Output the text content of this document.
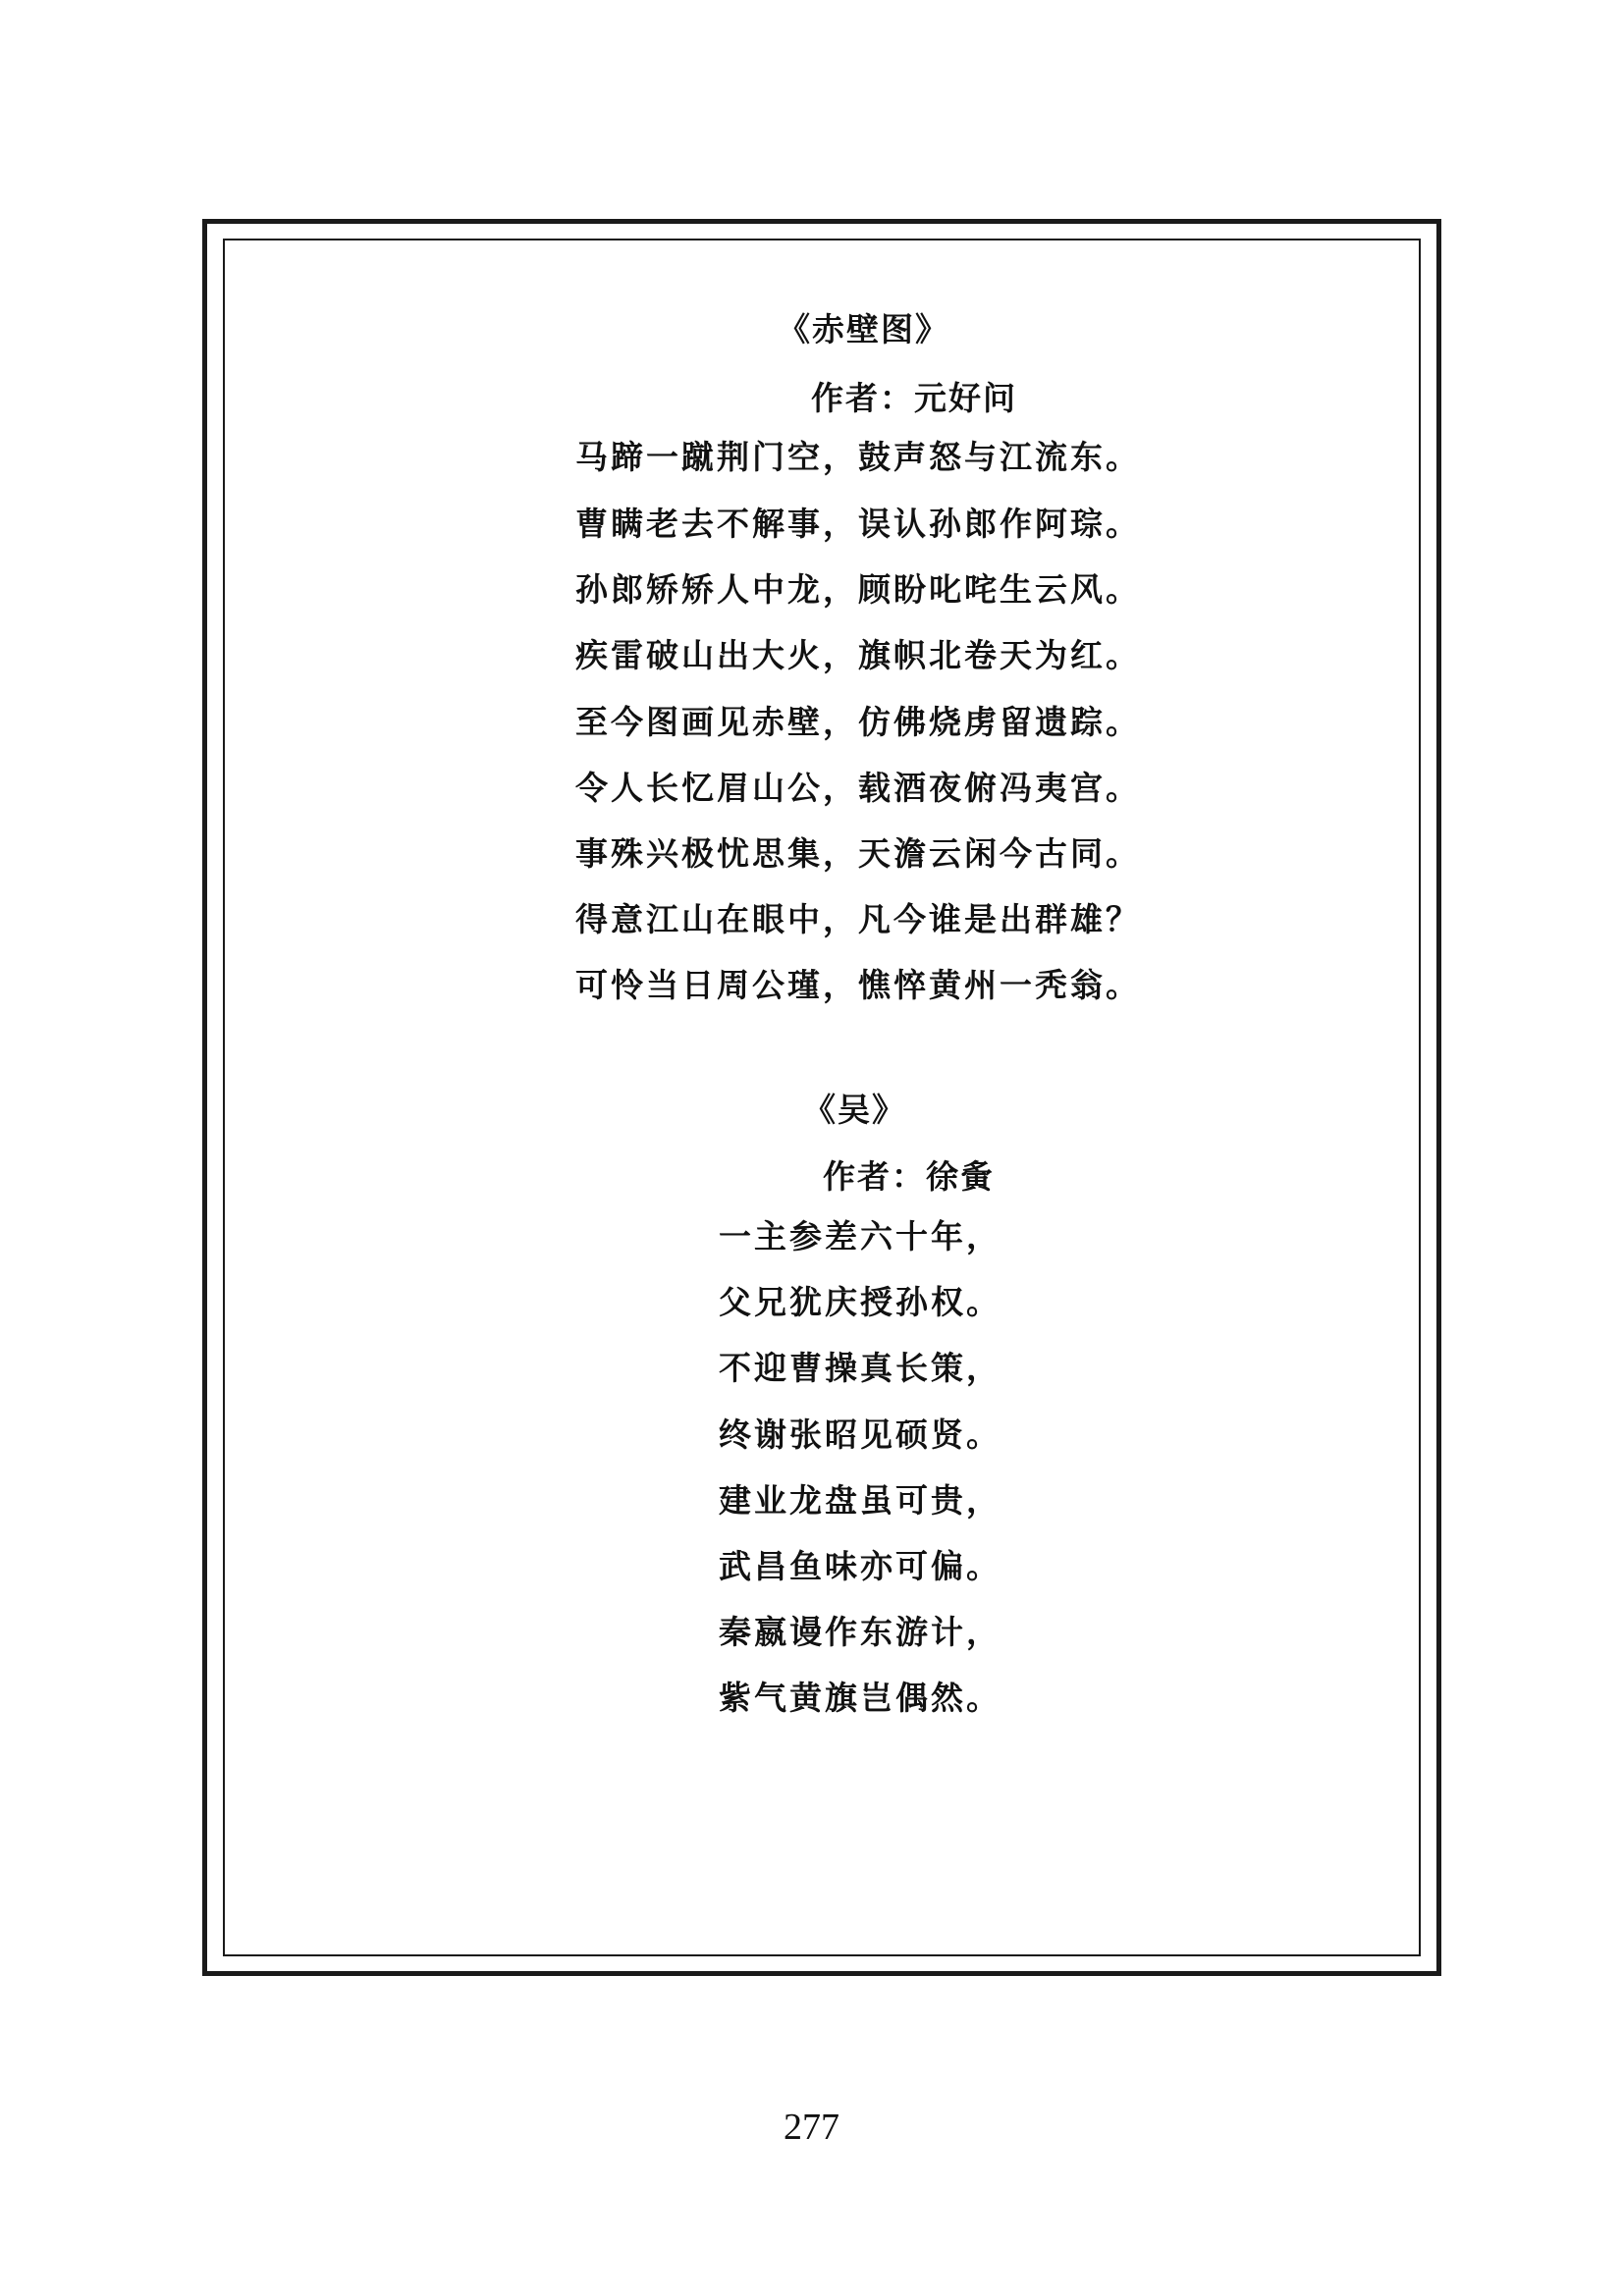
《赤壁图》
作者：元好问
马蹄一蹴荆门空，鼓声怒与江流东。
曹瞒老去不解事，误认孙郎作阿琮。
孙郎矫矫人中龙，顾盼叱咤生云风。
疾雷破山出大火，旗帜北卷天为红。
至今图画见赤壁，仿佛烧虏留遗踪。
令人长忆眉山公，载酒夜俯冯夷宫。
事殊兴极忧思集，天澹云闲今古同。
得意江山在眼中，凡今谁是出群雄？
可怜当日周公瑾，憔悴黄州一秃翁。
《吴》
作者：徐夤
一主参差六十年，
父兄犹庆授孙权。
不迎曹操真长策，
终谢张昭见硕贤。
建业龙盘虽可贵，
武昌鱼味亦可偏。
秦嬴谩作东游计，
紫气黄旗岂偶然。
277
